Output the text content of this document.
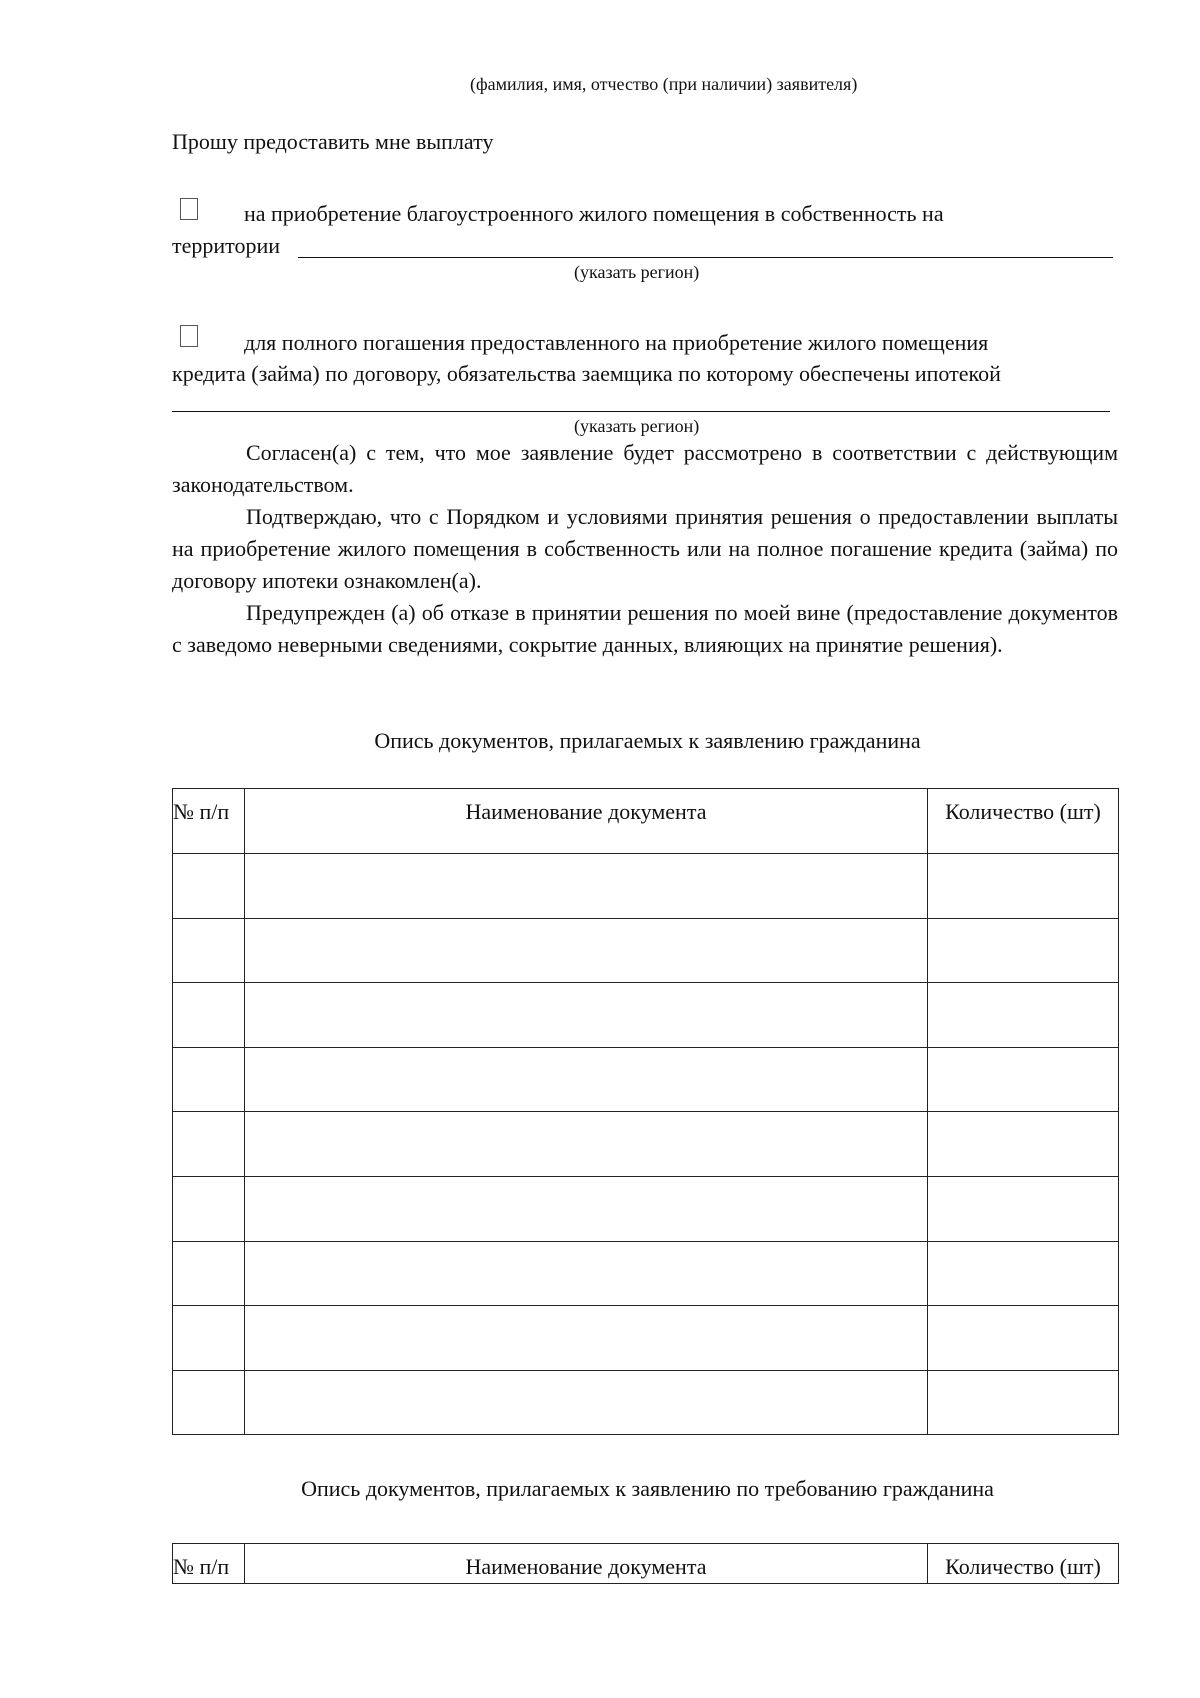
(фамилия, имя, отчество (при наличии) заявителя)
Прошу предоставить мне выплату
на приобретение благоустроенного жилого помещения в собственность на
территории
(указать регион)
для полного погашения предоставленного на приобретение жилого помещения
кредита (займа) по договору, обязательства заемщика по которому обеспечены ипотекой
(указать регион)

Согласен(а) с тем, что мое заявление будет рассмотрено в соответствии с действующим законодательством.

Подтверждаю, что с Порядком и условиями принятия решения о предоставлении выплаты на приобретение жилого помещения в собственность или на полное погашение кредита (займа) по договору ипотеки ознакомлен(а).

Предупрежден (а) об отказе в принятии решения по моей вине (предоставление документов с заведомо неверными сведениями, сокрытие данных, влияющих на принятие решения).

Опись документов, прилагаемых к заявлению гражданина
№ п/п	Наименование документа	Количество (шт)

Опись документов, прилагаемых к заявлению по требованию гражданина
№ п/п	Наименование документа	Количество (шт)
